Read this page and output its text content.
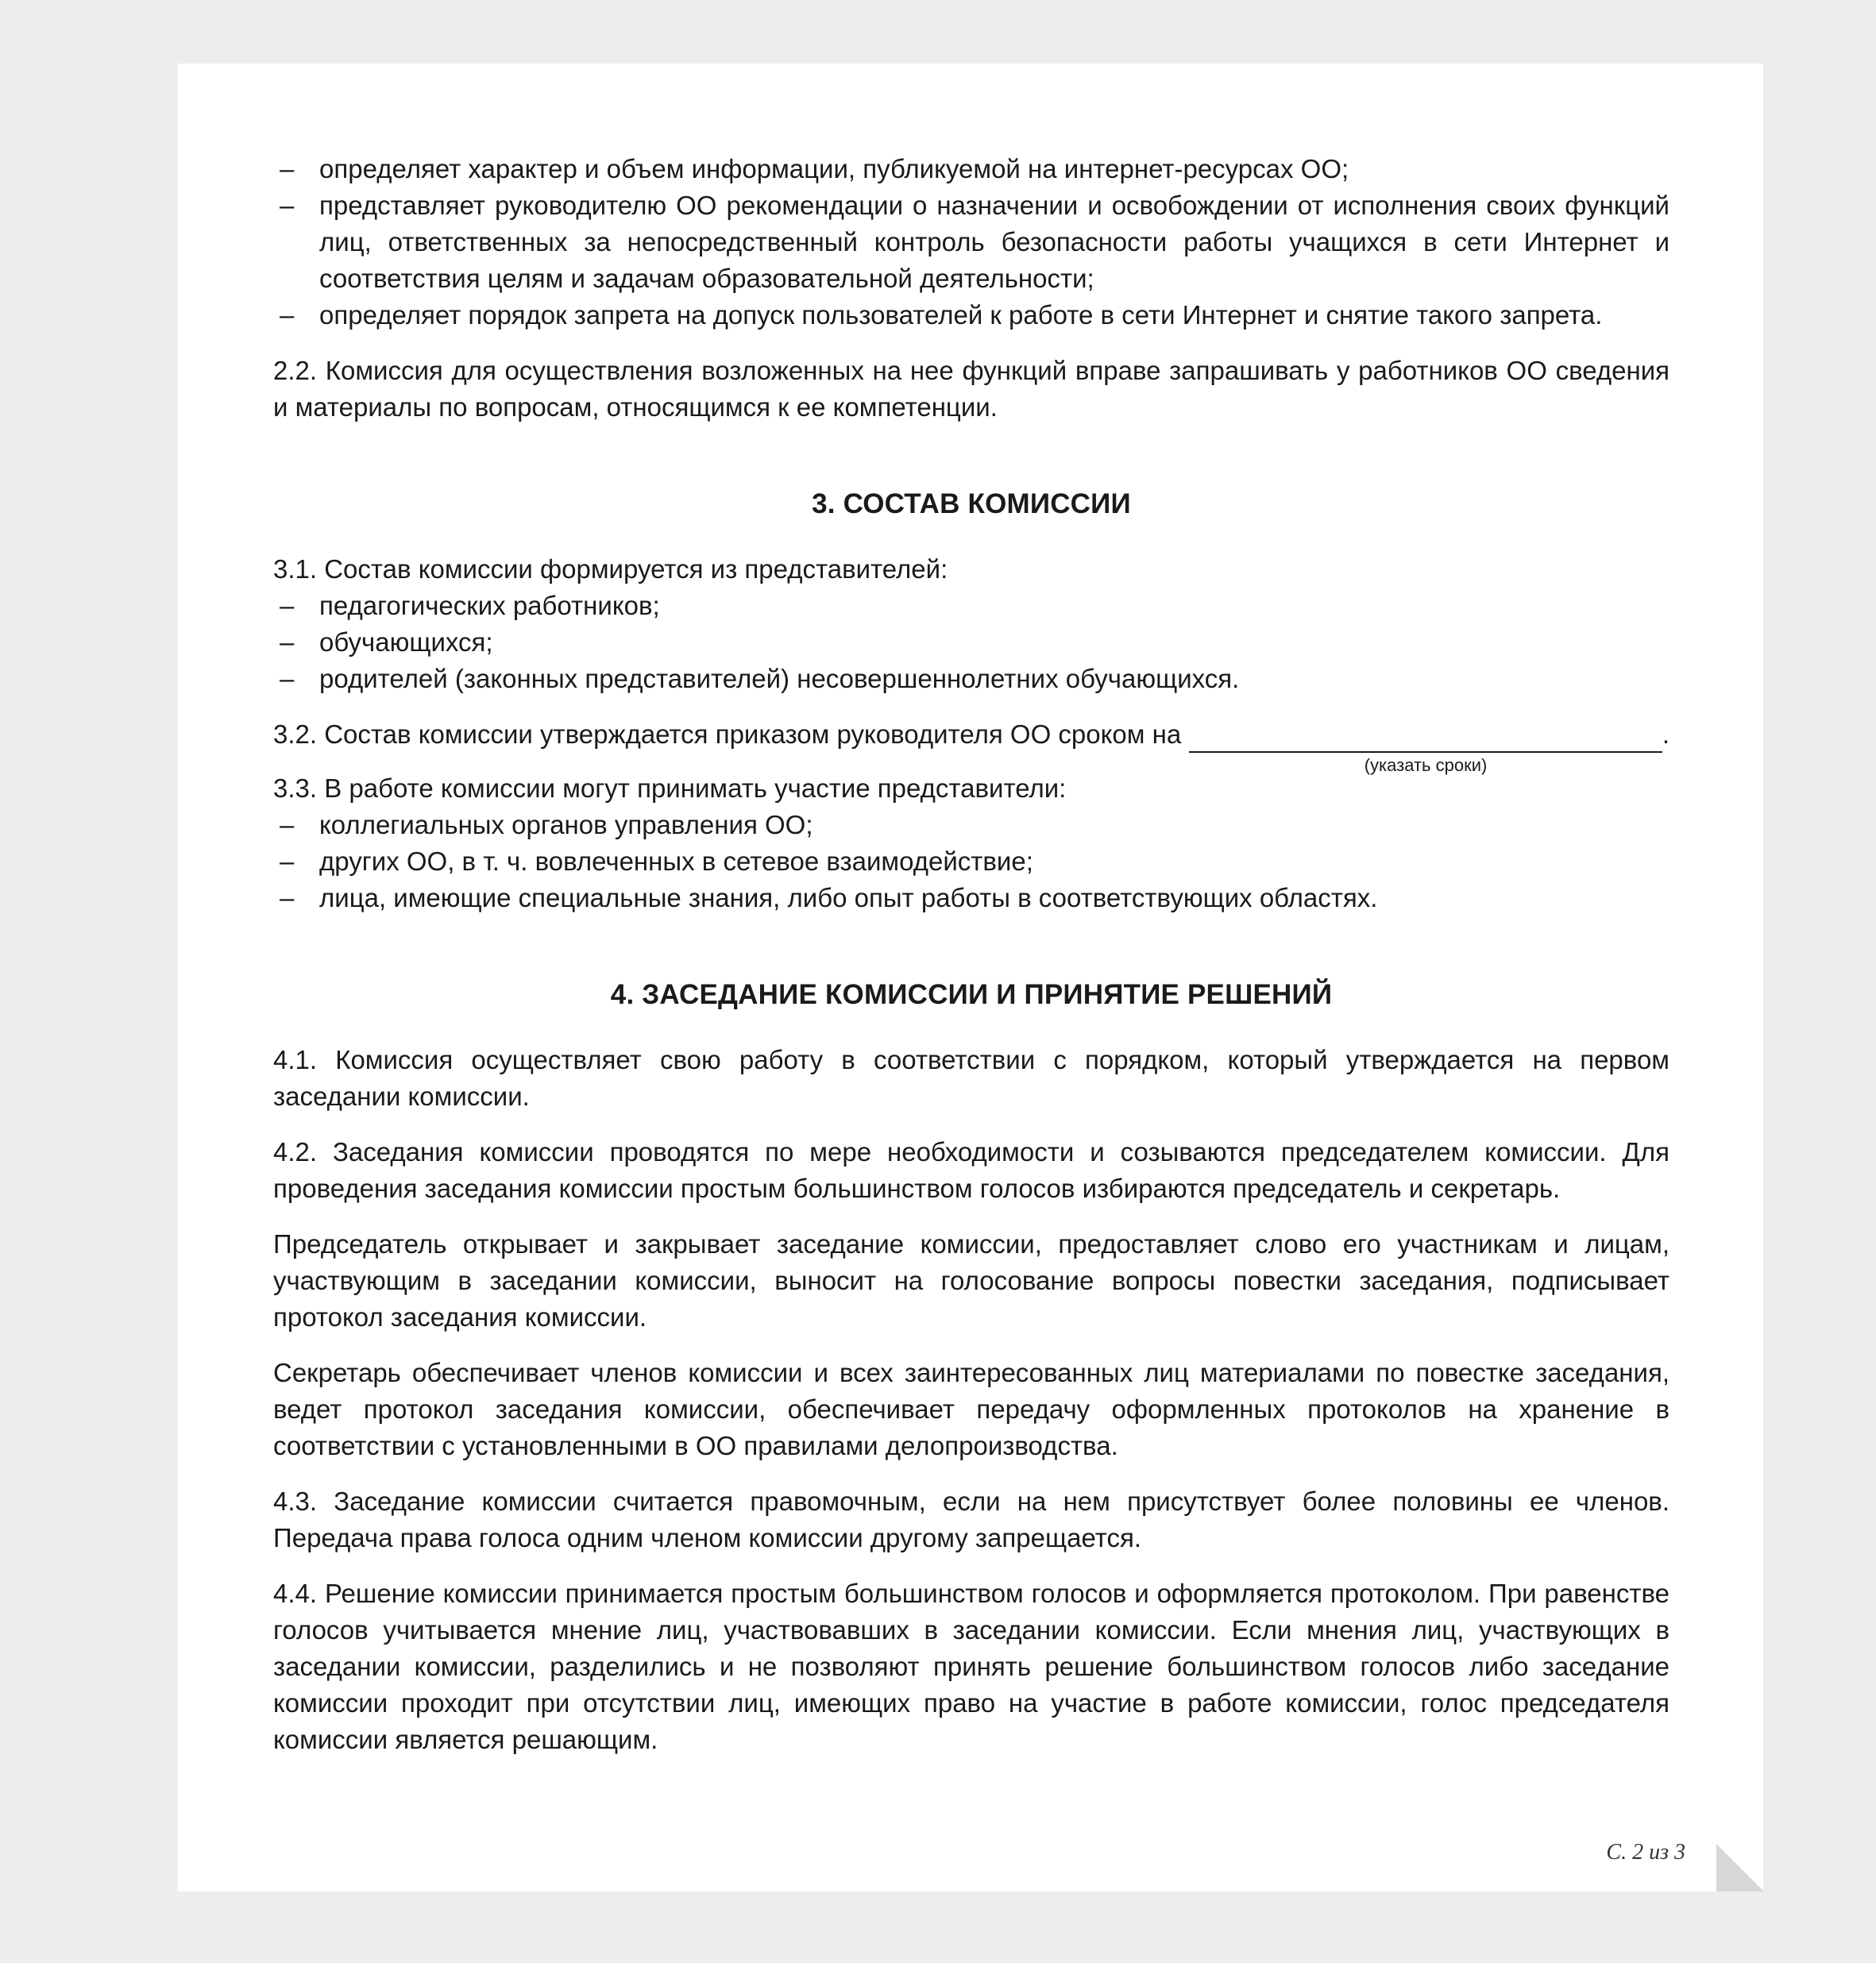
– определяет характер и объем информации, публикуемой на интернет-ресурсах ОО;
– представляет руководителю ОО рекомендации о назначении и освобождении от исполнения своих функций лиц, ответственных за непосредственный контроль безопасности работы учащихся в сети Интернет и соответствия целям и задачам образовательной деятельности;
– определяет порядок запрета на допуск пользователей к работе в сети Интернет и снятие такого запрета.

2.2. Комиссия для осуществления возложенных на нее функций вправе запрашивать у работников ОО сведения и материалы по вопросам, относящимся к ее компетенции.

3. СОСТАВ КОМИССИИ

3.1. Состав комиссии формируется из представителей:

– педагогических работников;
– обучающихся;
– родителей (законных представителей) несовершеннолетних обучающихся.
3.2. Состав комиссии утверждается приказом руководителя ОО сроком на
(указать сроки)
.

3.3. В работе комиссии могут принимать участие представители:

– коллегиальных органов управления ОО;
– других ОО, в т. ч. вовлеченных в сетевое взаимодействие;
– лица, имеющие специальные знания, либо опыт работы в соответствующих областях.
4. ЗАСЕДАНИЕ КОМИССИИ И ПРИНЯТИЕ РЕШЕНИЙ

4.1. Комиссия осуществляет свою работу в соответствии с порядком, который утверждается на первом заседании комиссии.

4.2. Заседания комиссии проводятся по мере необходимости и созываются председателем комиссии. Для проведения заседания комиссии простым большинством голосов избираются председатель и секретарь.

Председатель открывает и закрывает заседание комиссии, предоставляет слово его участникам и лицам, участвующим в заседании комиссии, выносит на голосование вопросы повестки заседания, подписывает протокол заседания комиссии.

Секретарь обеспечивает членов комиссии и всех заинтересованных лиц материалами по повестке заседания, ведет протокол заседания комиссии, обеспечивает передачу оформленных протоколов на хранение в соответствии с установленными в ОО правилами делопроизводства.

4.3. Заседание комиссии считается правомочным, если на нем присутствует более половины ее членов. Передача права голоса одним членом комиссии другому запрещается.

4.4. Решение комиссии принимается простым большинством голосов и оформляется протоколом. При равенстве голосов учитывается мнение лиц, участвовавших в заседании комиссии. Если мнения лиц, участвующих в заседании комиссии, разделились и не позволяют принять решение большинством голосов либо заседание комиссии проходит при отсутствии лиц, имеющих право на участие в работе комиссии, голос председателя комиссии является решающим.

С. 2 из 3
